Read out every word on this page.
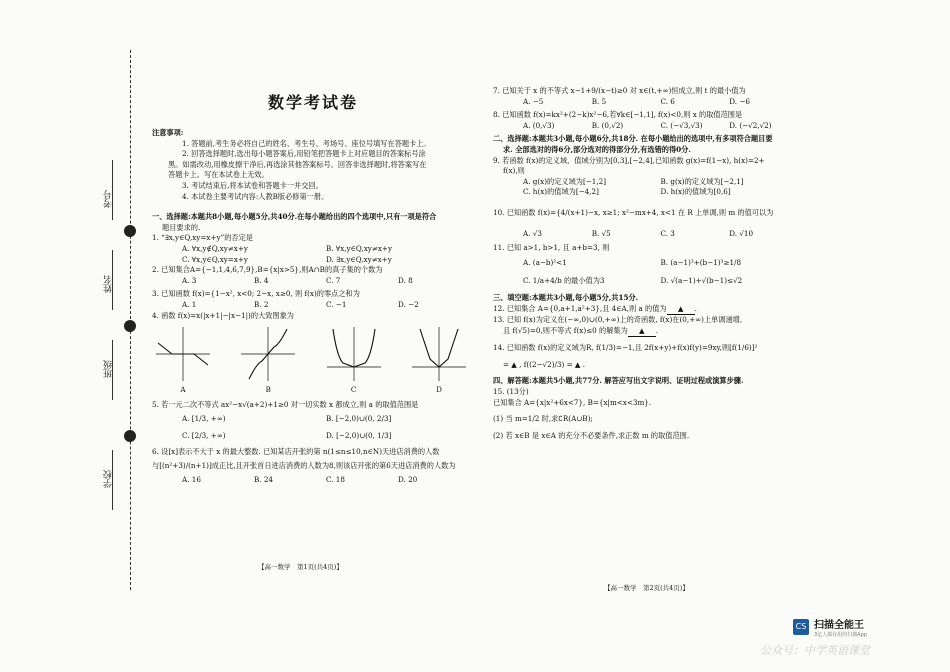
考号
姓名
班级
学校
数学考试卷
注意事项:
1. 答题前,考生务必将自己的姓名、考生号、考场号、座位号填写在答题卡上。
2. 回答选择题时,选出每小题答案后,用铅笔把答题卡上对应题目的答案标号涂
黑。如需改动,用橡皮擦干净后,再选涂其他答案标号。回答非选择题时,将答案写在
答题卡上。写在本试卷上无效。
3. 考试结束后,将本试卷和答题卡一并交回。
4. 本试卷主要考试内容:人教B版必修第一册。
一、选择题:本题共8小题,每小题5分,共40分.在每小题给出的四个选项中,只有一项是符合
题目要求的.
1. “∃x,y∈Q,xy=x+y”的否定是
A. ∀x,y∉Q,xy≠x+y	B. ∀x,y∈Q,xy≠x+y
C. ∀x,y∈Q,xy=x+y	D. ∃x,y∈Q,xy≠x+y
2. 已知集合A={−1,1,4,6,7,9},B={x|x>5},则A∩B的真子集的个数为
A. 3	B. 4	C. 7	D. 8
3. 已知函数 f(x)={1−x², x<0; 2−x, x≥0, 则 f(x)的零点之和为
A. 1	B. 2	C. −1	D. −2
4. 函数 f(x)=x(|x+1|−|x−1|)的大致图象为
A	B	C	D
5. 若一元二次不等式 ax²−x√(a+2)+1≥0 对一切实数 x 都成立,则 a 的取值范围是
A. [1/3, +∞)	B. [−2,0)∪(0, 2/3]
C. [2/3, +∞)	D. [−2,0)∪(0, 1/3]
6. 设[x]表示不大于 x 的最大整数. 已知某店开张的第 n(1≤n≤10,n∈N)天进店消费的人数
与[(n²+3)/(n+1)]成正比,且开张首日进店消费的人数为8,则该店开张的第6天进店消费的人数为
A. 16	B. 24	C. 18	D. 20
【高一数学　第1页(共4页)】
7. 已知关于 x 的不等式 x−1+9/(x−t)≥0 对 x∈(t,+∞)恒成立,则 t 的最小值为
A. −5	B. 5	C. 6	D. −6
8. 已知函数 f(x)=kx²+(2−k)x²−6,若∀k∈[−1,1], f(x)<0,则 x 的取值范围是
A. (0,√3)	B. (0,√2)	C. (−√3,√3)	D. (−√2,√2)
二、选择题:本题共3小题,每小题6分,共18分. 在每小题给出的选项中,有多项符合题目要
求. 全部选对的得6分,部分选对的得部分分,有选错的得0分.
9. 若函数 f(x)的定义域、值域分别为[0,3],[−2,4],已知函数 g(x)=f(1−x), h(x)=2+
f(x),则
A. g(x)的定义域为[−1,2]	B. g(x)的定义域为[−2,1]
C. h(x)的值域为[−4,2]	D. h(x)的值域为[0,6]
10. 已知函数 f(x)={4/(x+1)−x, x≥1; x²−mx+4, x<1 在 R 上单调,则 m 的值可以为
A. √3	B. √5	C. 3	D. √10
11. 已知 a>1, b>1, 且 a+b=3, 则
A. (a−b)²<1	B. (a−1)³+(b−1)³≥1/8
C. 1/a+4/b 的最小值为3	D. √(a−1)+√(b−1)≤√2
三、填空题:本题共3小题,每小题5分,共15分.
12. 已知集合 A={0,a+1,a²+3},且 4∈A,则 a 的值为 ▲ .
13. 已知 f(x)为定义在(−∞,0)∪(0,+∞)上的奇函数, f(x)在(0,+∞)上单调递增,
且 f(√5)=0,则不等式 f(x)≤0 的解集为 ▲ .
14. 已知函数 f(x)的定义域为R, f(1/3)=−1,且 2f(x+y)+f(x)f(y)=9xy,则[f(1/6)]²
= ▲ , f((2−√2)/3) = ▲ .
四、解答题:本题共5小题,共77分. 解答应写出文字说明、证明过程或演算步骤.
15. (13分)
已知集合 A={x|x²+6x<7}, B={x|m<x<3m}.
(1) 当 m=1/2 时,求∁R(A∪B);
(2) 若 x∈B 是 x∈A 的充分不必要条件,求正数 m 的取值范围.
【高一数学　第2页(共4页)】
CS 扫描全能王
3亿人都在用的扫描App
公众号：中学英语课堂
